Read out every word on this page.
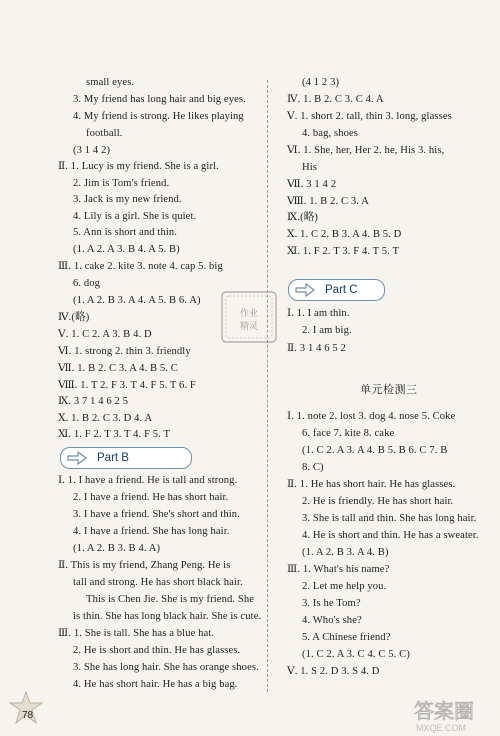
small eyes.
3. My friend has long hair and big eyes.
4. My friend is strong. He likes playing
football.
(3 1 4 2)
Ⅱ. 1. Lucy is my friend. She is a girl.
2. Jim is Tom's friend.
3. Jack is my new friend.
4. Lily is a girl. She is quiet.
5. Ann is short and thin.
(1. A 2. A 3. B 4. A 5. B)
Ⅲ. 1. cake 2. kite 3. note 4. cap 5. big
6. dog
(1. A 2. B 3. A 4. A 5. B 6. A)
Ⅳ.(略)
Ⅴ. 1. C 2. A 3. B 4. D
Ⅵ. 1. strong 2. thin 3. friendly
Ⅶ. 1. B 2. C 3. A 4. B 5. C
Ⅷ. 1. T 2. F 3. T 4. F 5. T 6. F
Ⅸ. 3 7 1 4 6 2 5
Ⅹ. 1. B 2. C 3. D 4. A
Ⅺ. 1. F 2. T 3. T 4. F 5. T
Part B
Ⅰ. 1. I have a friend. He is tall and strong.
2. I have a friend. He has short hair.
3. I have a friend. She's short and thin.
4. I have a friend. She has long hair.
(1. A 2. B 3. B 4. A)
Ⅱ. This is my friend, Zhang Peng. He is
tall and strong. He has short black hair.
This is Chen Jie. She is my friend. She
is thin. She has long black hair. She is cute.
Ⅲ. 1. She is tall. She has a blue hat.
2. He is short and thin. He has glasses.
3. She has long hair. She has orange shoes.
4. He has short hair. He has a big bag.
(4 1 2 3)
Ⅳ. 1. B 2. C 3. C 4. A
Ⅴ. 1. short 2. tall, thin 3. long, glasses
4. bag, shoes
Ⅵ. 1. She, her, Her 2. he, His 3. his,
His
Ⅶ. 3 1 4 2
Ⅷ. 1. B 2. C 3. A
Ⅸ.(略)
Ⅹ. 1. C 2. B 3. A 4. B 5. D
Ⅺ. 1. F 2. T 3. F 4. T 5. T
Part C
Ⅰ. 1. I am thin.
2. I am big.
Ⅱ. 3 1 4 6 5 2
单元检测三
Ⅰ. 1. note 2. lost 3. dog 4. nose 5. Coke
6. face 7. kite 8. cake
(1. C 2. A 3. A 4. B 5. B 6. C 7. B
8. C)
Ⅱ. 1. He has short hair. He has glasses.
2. He is friendly. He has short hair.
3. She is tall and thin. She has long hair.
4. He is short and thin. He has a sweater.
(1. A 2. B 3. A 4. B)
Ⅲ. 1. What's his name?
2. Let me help you.
3. Is he Tom?
4. Who's she?
5. A Chinese friend?
(1. C 2. A 3. C 4. C 5. C)
Ⅴ. 1. S 2. D 3. S 4. D
作业
精灵
78	答案圈
MXQE.COM
